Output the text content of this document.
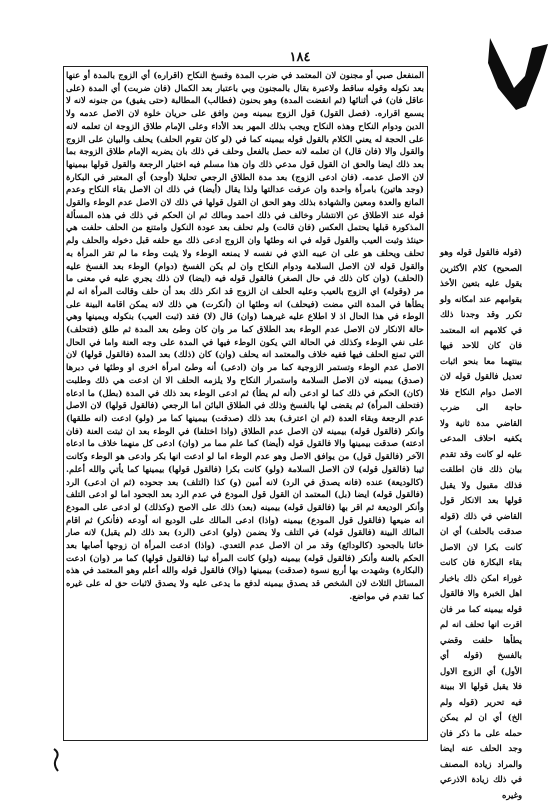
١٨٤

المنفعل صبي أو مجنون لان المعتمد في ضرب المدة وفسخ النكاح (اقراره) أي الزوج بالمدة أو عنها بعد نكوله وقوله ساقط ولاعبرة بقال بالمجنون وبي باعتبار بعد الكمال (فان ضربت) أي المدة (على عاقل فان) في أثنائها (ثم انقضت المدة) وهو بحنون (فطالب) المطالبة (حتى يفيق) من جنونه لانه لا يسمع اقراره. (فصل القول) قول الزوج بيمينه ومن وافق على حريان خلوة لان الاصل عدمه ولا الدين ودوام النكاح وهذه النكاح ويجب بذلك المهر بعد الأداء وعلى الإمام طلاق الزوجة ان تعلمه لانه على الحجة له يعني الكلام بالقول قوله بيمينه كما في (لو كان تقوم الحلف) يحلف والبيان على الزوج والقول والا (فان قال) ان تعلمه لانه حصل بالفعل وحلف في ذلك بان يضربه الإمام طلاق الزوجة بما بعد ذلك ايضا والحق ان القول قول مدعي ذلك وان هذا مسلم فيه اختيار الرجعة والقول قولها بيمينها لان الاصل عدمه. (فان ادعى الزوج) بعد مدة الطلاق الرجعي تحليلا (أوجد) أي المعتبر في البكارة (وجد هاتين) بامرأة واحدة وان عرفت عدالتها ولذا يقال (أيضا) في ذلك ان الاصل بقاء النكاح وعدم المانع والعدة ومعين والشهادة بذلك وهو الحق ان القول قولها في ذلك لان الاصل عدم الوطء والقول قوله عند الاطلاق عن الانتشار وخالف في ذلك احمد ومالك ثم ان الحكم في ذلك في هذه المسألة المذكورة قبلها يحتمل العكس (فان قالت) ولم تحلف بعد عودة النكول وامتنع من الحلف حلفت هي حينئذ وثبت العيب والقول قوله في انه وطئها وان الزوج ادعى ذلك مع حلفه قبل دخوله والحلف ولم تحلف ويحلف هو على ان عيبه الذي في نفسه لا يمنعه الوطء ولا يثبت وطء ما لم تقر المرأة به والقول قوله لان الاصل السلامة ودوام النكاح وان لم يكن الفسخ (دوام) الوطء بعد الفسخ عليه (الحلف) (وان كان ذلك في حال الصغر) فالقول قوله فيه (ايضا) لان ذلك يجري عليه في معنى ما مر (وقوله) اي الزوج بالعيب وعليه الحلف ان الزوج قد انكر ذلك بعد أن حلف وقالت المرأة انه لم يطأها في المدة التي مضت (فيحلف) انه وطئها ان (أنكرت) هي ذلك لانه يمكن اقامة البينة على الوطء في هذا الحال اذ لا اطلاع عليه غيرهما (وان) قال (لا) فقد (ثبت العيب) بنكوله ويمينها وهي حالة الانكار لان الاصل عدم الوطء بعد الطلاق كما مر وان كان وطئ بعد المدة ثم طلق (فتحلف) على نفي الوطء وكذلك في الحالة التي يكون الوطء فيها في المدة على وجه العنة واما في الحال التي تمنع الحلف فيها ففيه خلاف والمعتمد انه يحلف (وان) كان (ذلك) بعد المدة (فالقول قولها) لان الاصل عدم الوطء وتستمر الزوجية كما مر وان (ادعى) أنه وطئ امرأة اخرى او وطئها في دبرها (صدق) بيمينه لان الاصل السلامة واستمرار النكاح ولا يلزمه الحلف الا ان ادعت هي ذلك وطلبت (كان) الحكم في ذلك كما لو ادعى (أنه لم يطأ) ثم ادعى الوطء بعد ذلك في المدة (بطل) ما ادعاه (فتحلف المرأة) ثم يقضى لها بالفسخ وذلك في الطلاق البائن اما الرجعي (فالقول قولها) لان الاصل عدم الرجعة وبقاء العدة (ثم ان اعترف) بعد ذلك (صدقت) بيمينها كما مر (ولو) ادعت (انه طلقها) وانكر (فالقول قوله) بيمينه لان الاصل عدم الطلاق (واذا اختلفا) في الوطء بعد ان ثبتت العنة (فان ادعته) صدقت بيمينها والا فالقول قوله (أيضا) كما علم مما مر (وان) ادعى كل منهما خلاف ما ادعاه الآخر (فالقول قول) من يوافق الاصل وهو عدم الوطء اما لو ادعت انها بكر وادعى هو الوطء وكانت ثيبا (فالقول قوله) لان الاصل السلامة (ولو) كانت بكرا (فالقول قولها) بيمينها كما يأتي والله أعلم. (كالوديعة) عنده (فانه يصدق في الرد) لانه أمين (و) كذا (التلف) بعد جحوده (ثم ان ادعى) الرد (فالقول قوله) ايضا (بل) المعتمد ان القول قول المودع في عدم الرد بعد الجحود اما لو ادعى التلف وأنكر الوديعة ثم اقر بها (فالقول قوله) بيمينه (بعد) ذلك على الاصح (وكذلك) لو ادعى على المودع انه ضيعها (فالقول قول المودع) بيمينه (واذا) ادعى المالك على الوديع انه أودعه (فأنكر) ثم اقام المالك البينة (فالقول قوله) في التلف ولا يضمن (ولو) ادعى (الرد) بعد ذلك (لم يقبل) لانه صار خائنا بالجحود (كالودائع) وقد مر ان الاصل عدم التعدي. (واذا) ادعت المرأة ان زوجها أصابها بعد الحكم بالعنة وأنكر (فالقول قوله) بيمينه (ولو) كانت المرأة ثيبا (فالقول قولها) كما مر (وان) ادعت (البكارة) وشهدت بها أربع نسوة (صدقت) بيمينها (والا) فالقول قوله والله أعلم وهو المعتمد في هذه المسائل الثلاث لان الشخص قد يصدق بيمينه لدفع ما يدعى عليه ولا يصدق لاثبات حق له على غيره كما تقدم في مواضع.

(قوله فالقول قوله وهو الصحيح) كلام الأكثرين يقول عليه بتعين الأخذ بقوامهم عند امكانه ولو تكرر وقد وجدنا ذلك في كلامهم انه المعتمد فان كان للاحد فيها بينتهما معا بنحو اثبات تعديل فالقول قوله لان الاصل دوام النكاح فلا حاجة الى ضرب القاضي مدة ثانية ولا يكفيه احلاف المدعى عليه لو كانت وقد تقدم بيان ذلك فان اطلقت فذلك مقبول ولا يقبل قولها بعد الانكار قول القاضي في ذلك (قوله صدقت بالحلف) أي ان كانت بكرا لان الاصل بقاء البكارة فان كانت غوراء امكن ذلك باخبار اهل الخبرة والا فالقول قوله بيمينه كما مر فان اقرت انها تحلف انه لم يطأها حلفت وقضي بالفسخ (قوله أي الأول) أي الزوج الاول فلا يقبل قولها الا ببينة فيه تحرير (قوله ولم الخ) أي ان لم يمكن حمله على ما ذكر فان وجد الحلف عنه ايضا والمراد زيادة المصنف في ذلك زيادة الاذرعي وغيره
